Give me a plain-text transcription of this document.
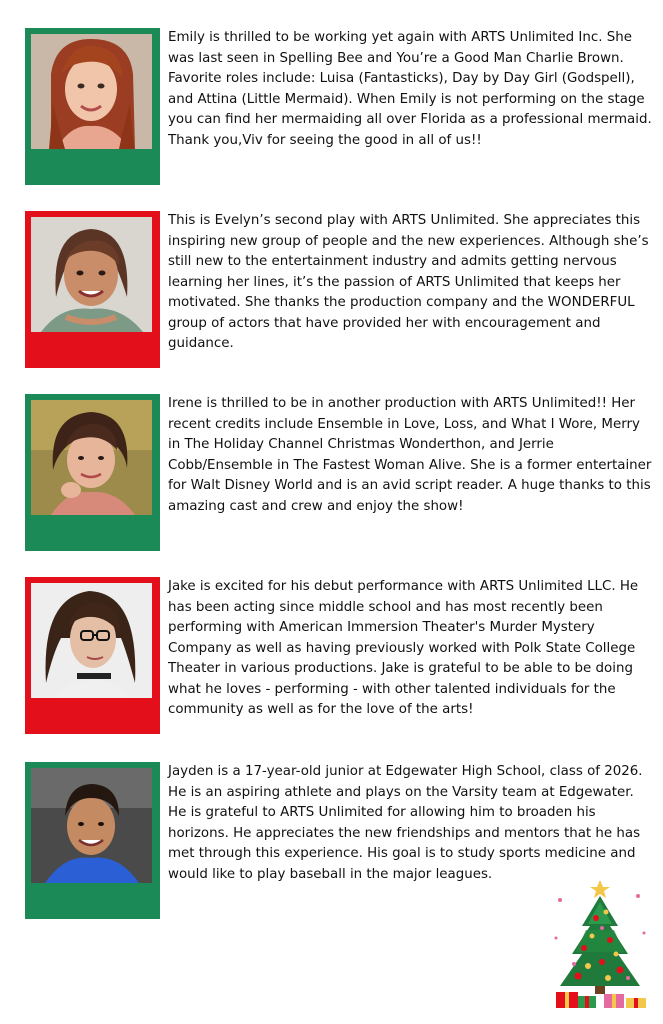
Emily is thrilled to be working yet again with ARTS Unlimited Inc. She was last seen in Spelling Bee and You’re a Good Man Charlie Brown. Favorite roles include: Luisa (Fantasticks), Day by Day Girl (Godspell), and Attina (Little Mermaid). When Emily is not performing on the stage you can find her mermaiding all over Florida as a professional mermaid. Thank you,Viv for seeing the good in all of us!!

This is Evelyn’s second play with ARTS Unlimited. She appreciates this inspiring new group of people and the new experiences. Although she’s still new to the entertainment industry and admits getting nervous learning her lines, it’s the passion of ARTS Unlimited that keeps her motivated. She thanks the production company and the WONDERFUL group of actors that have provided her with encouragement and guidance.

Irene is thrilled to be in another production with ARTS Unlimited!! Her recent credits include Ensemble in Love, Loss, and What I Wore, Merry in The Holiday Channel Christmas Wonderthon, and Jerrie Cobb/Ensemble in The Fastest Woman Alive. She is a former entertainer for Walt Disney World and is an avid script reader. A huge thanks to this amazing cast and crew and enjoy the show!

Jake is excited for his debut performance with ARTS Unlimited LLC. He has been acting since middle school and has most recently been performing with American Immersion Theater's Murder Mystery Company as well as having previously worked with Polk State College Theater in various productions. Jake is grateful to be able to be doing what he loves - performing - with other talented individuals for the community as well as for the love of the arts!

Jayden is a 17-year-old junior at Edgewater High School, class of 2026. He is an aspiring athlete and plays on the Varsity team at Edgewater. He is grateful to ARTS Unlimited for allowing him to broaden his horizons. He appreciates the new friendships and mentors that he has met through this experience. His goal is to study sports medicine and would like to play baseball in the major leagues.
